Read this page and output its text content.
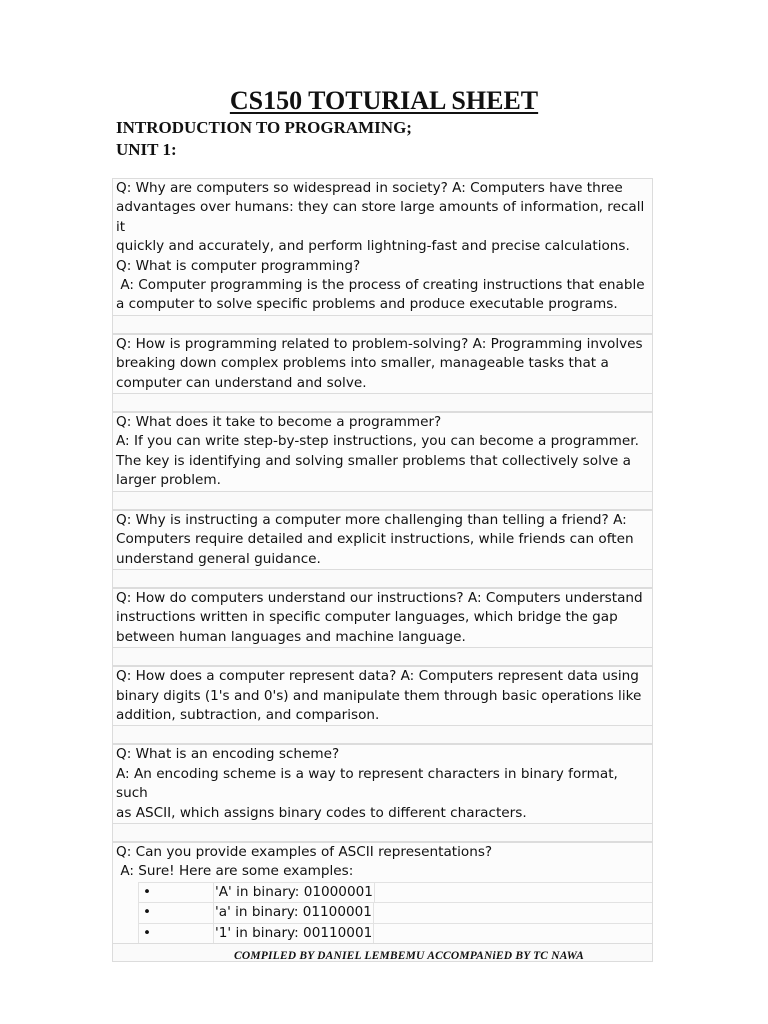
CS150 TOTURIAL SHEET
INTRODUCTION TO PROGRAMING;
UNIT 1:

Q: Why are computers so widespread in society? A: Computers have three

advantages over humans: they can store large amounts of information, recall it

quickly and accurately, and perform lightning-fast and precise calculations.

Q: What is computer programming?

A: Computer programming is the process of creating instructions that enable

a computer to solve specific problems and produce executable programs.

Q: How is programming related to problem-solving? A: Programming involves

breaking down complex problems into smaller, manageable tasks that a

computer can understand and solve.

Q: What does it take to become a programmer?

A: If you can write step-by-step instructions, you can become a programmer.

The key is identifying and solving smaller problems that collectively solve a

larger problem.

Q: Why is instructing a computer more challenging than telling a friend? A:

Computers require detailed and explicit instructions, while friends can often

understand general guidance.

Q: How do computers understand our instructions? A: Computers understand

instructions written in specific computer languages, which bridge the gap

between human languages and machine language.

Q: How does a computer represent data? A: Computers represent data using

binary digits (1's and 0's) and manipulate them through basic operations like

addition, subtraction, and comparison.

Q: What is an encoding scheme?

A: An encoding scheme is a way to represent characters in binary format, such

as ASCII, which assigns binary codes to different characters.

Q: Can you provide examples of ASCII representations?

A: Sure! Here are some examples:

•	'A' in binary: 01000001
•	'a' in binary: 01100001
•	'1' in binary: 00110001
COMPILED BY DANIEL LEMBEMU ACCOMPANiED BY TC NAWA
